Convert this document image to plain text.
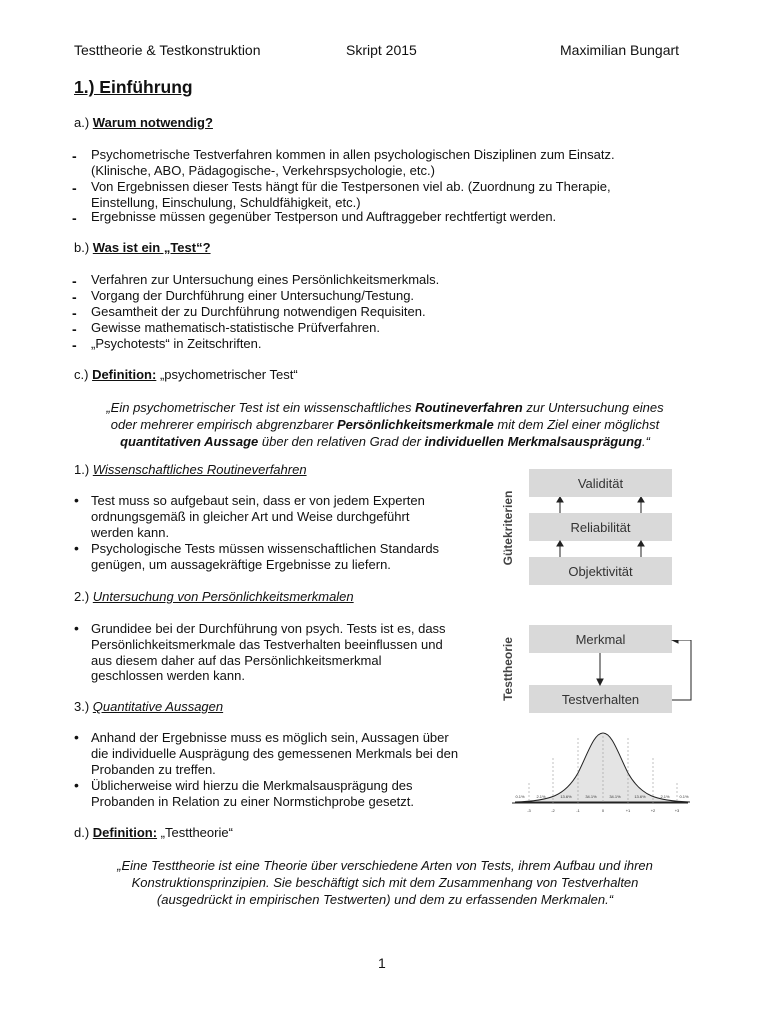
Testtheorie & Testkonstruktion	Skript 2015	Maximilian Bungart
1.) Einführung
a.) Warum notwendig?
- Psychometrische Testverfahren kommen in allen psychologischen Disziplinen zum Einsatz.
(Klinische, ABO, Pädagogische-, Verkehrspsychologie, etc.)
- Von Ergebnissen dieser Tests hängt für die Testpersonen viel ab. (Zuordnung zu Therapie,
Einstellung, Einschulung, Schuldfähigkeit, etc.)
- Ergebnisse müssen gegenüber Testperson und Auftraggeber rechtfertigt werden.
b.) Was ist ein „Test“?
- Verfahren zur Untersuchung eines Persönlichkeitsmerkmals.
- Vorgang der Durchführung einer Untersuchung/Testung.
- Gesamtheit der zu Durchführung notwendigen Requisiten.
- Gewisse mathematisch-statistische Prüfverfahren.
- „Psychotests“ in Zeitschriften.
c.) Definition: „psychometrischer Test“
„Ein psychometrischer Test ist ein wissenschaftliches Routineverfahren zur Untersuchung eines
oder mehrerer empirisch abgrenzbarer Persönlichkeitsmerkmale mit dem Ziel einer möglichst
quantitativen Aussage über den relativen Grad der individuellen Merkmalsausprägung.“
1.) Wissenschaftliches Routineverfahren
• Test muss so aufgebaut sein, dass er von jedem Experten
ordnungsgemäß in gleicher Art und Weise durchgeführt
werden kann.
• Psychologische Tests müssen wissenschaftlichen Standards
genügen, um aussagekräftige Ergebnisse zu liefern.
2.) Untersuchung von Persönlichkeitsmerkmalen
• Grundidee bei der Durchführung von psych. Tests ist es, dass
Persönlichkeitsmerkmale das Testverhalten beeinflussen und
aus diesem daher auf das Persönlichkeitsmerkmal
geschlossen werden kann.
3.) Quantitative Aussagen
• Anhand der Ergebnisse muss es möglich sein, Aussagen über
die individuelle Ausprägung des gemessenen Merkmals bei den
Probanden zu treffen.
• Üblicherweise wird hierzu die Merkmalsausprägung des
Probanden in Relation zu einer Normstichprobe gesetzt.
d.) Definition: „Testtheorie“
„Eine Testtheorie ist eine Theorie über verschiedene Arten von Tests, ihrem Aufbau und ihren
Konstruktionsprinzipien. Sie beschäftigt sich mit dem Zusammenhang von Testverhalten
(ausgedrückt in empirischen Testwerten) und dem zu erfassenden Merkmalen.“
Gütekriterien
Validität
Reliabilität
Objektivität
Testtheorie	Merkmal
Testverhalten
0.1%	2.1%	13.6%	34.1%	34.1%	13.6%	2.1% 0.1%
-3	-2	-1	0	+1	+2	+3
1
